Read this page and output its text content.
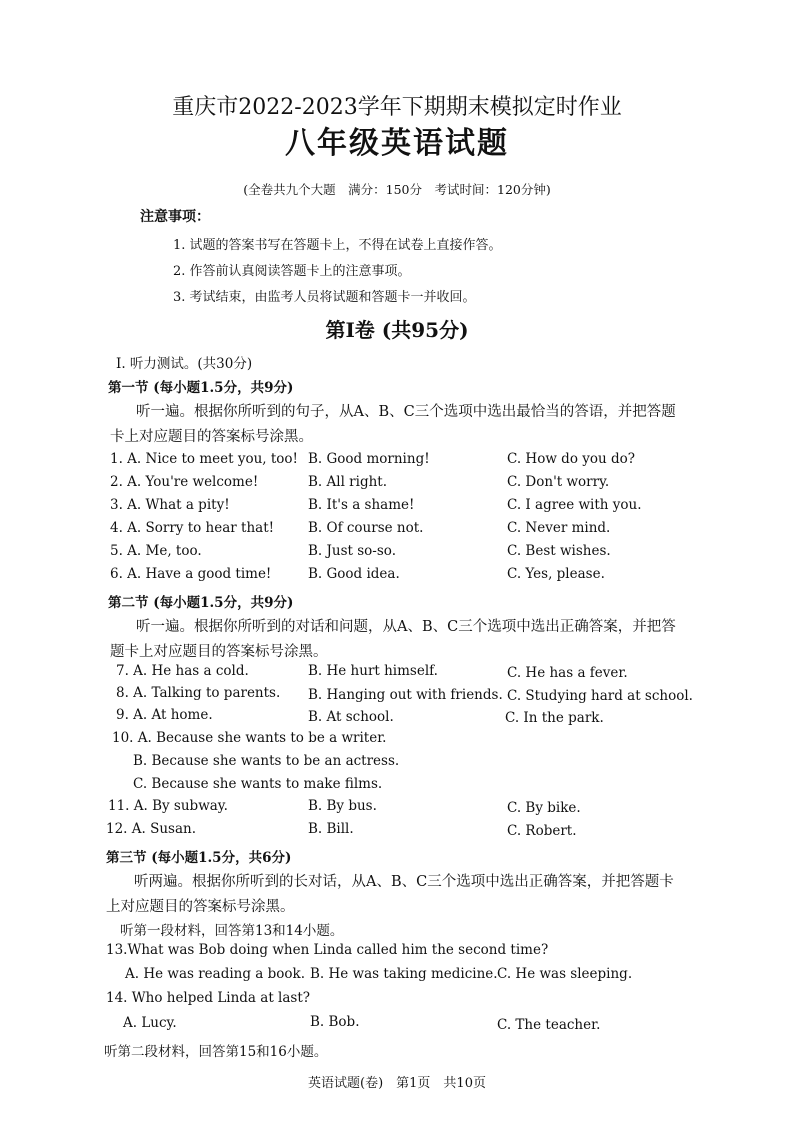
重庆市2022-2023学年下期期末模拟定时作业
八年级英语试题
(全卷共九个大题　满分：150分　考试时间：120分钟)
注意事项：
1. 试题的答案书写在答题卡上，不得在试卷上直接作答。
2. 作答前认真阅读答题卡上的注意事项。
3. 考试结束，由监考人员将试题和答题卡一并收回。
第Ⅰ卷 (共95分)
Ⅰ. 听力测试。(共30分)
第一节 (每小题1.5分，共9分)
听一遍。根据你所听到的句子，从A、B、C三个选项中选出最恰当的答语，并把答题
卡上对应题目的答案标号涂黑。
1. A. Nice to meet you, too! B. Good morning!	C. How do you do?
2. A. You're welcome!	B. All right.	C. Don't worry.
3. A. What a pity!	B. It's a shame!	C. I agree with you.
4. A. Sorry to hear that!	B. Of course not.	C. Never mind.
5. A. Me, too.	B. Just so-so.	C. Best wishes.
6. A. Have a good time!	B. Good idea.	C. Yes, please.
第二节 (每小题1.5分，共9分)
听一遍。根据你所听到的对话和问题，从A、B、C三个选项中选出正确答案，并把答
题卡上对应题目的答案标号涂黑。
7. A. He has a cold.	B. He hurt himself.	C. He has a fever.
8. A. Talking to parents. B. Hanging out with friends. C. Studying hard at school.
9. A. At home.	B. At school.	C. In the park.
10. A. Because she wants to be a writer.
B. Because she wants to be an actress.
C. Because she wants to make films.
11. A. By subway.	B. By bus.	C. By bike.
12. A. Susan.	B. Bill.	C. Robert.
第三节 (每小题1.5分，共6分)
听两遍。根据你所听到的长对话，从A、B、C三个选项中选出正确答案，并把答题卡
上对应题目的答案标号涂黑。
听第一段材料，回答第13和14小题。
13.What was Bob doing when Linda called him the second time?
A. He was reading a book. B. He was taking medicine. C. He was sleeping.
14. Who helped Linda at last?
A. Lucy.	B. Bob.	C. The teacher.
听第二段材料，回答第15和16小题。
英语试题(卷)　第1页　共10页
